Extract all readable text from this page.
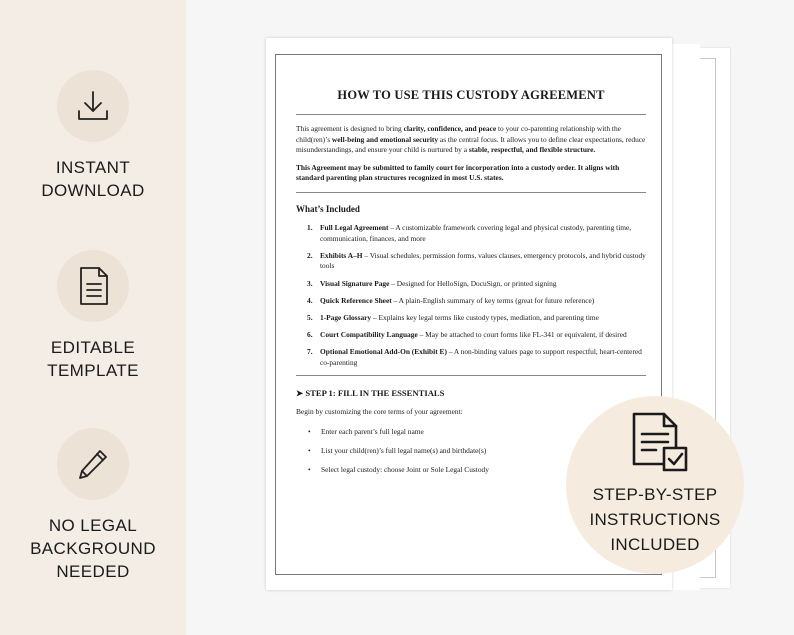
INSTANT
DOWNLOAD
EDITABLE
TEMPLATE
NO LEGAL
BACKGROUND
NEEDED
HOW TO USE THIS CUSTODY AGREEMENT

This agreement is designed to bring clarity, confidence, and peace to your co-parenting relationship with the child(ren)’s well-being and emotional security as the central focus. It allows you to define clear expectations, reduce misunderstandings, and ensure your child is nurtured by a stable, respectful, and flexible structure.

This Agreement may be submitted to family court for incorporation into a custody order. It aligns with standard parenting plan structures recognized in most U.S. states.

What’s Included
1.	Full Legal Agreement – A customizable framework covering legal and physical custody, parenting time, communication, finances, and more
2.	Exhibits A–H – Visual schedules, permission forms, values clauses, emergency protocols, and hybrid custody tools
3.	Visual Signature Page – Designed for HelloSign, DocuSign, or printed signing
4.	Quick Reference Sheet – A plain-English summary of key terms (great for future reference)
5.	1-Page Glossary – Explains key legal terms like custody types, mediation, and parenting time
6.	Court Compatibility Language – May be attached to court forms like FL-341 or equivalent, if desired
7.	Optional Emotional Add-On (Exhibit E) – A non-binding values page to support respectful, heart-centered co-parenting
➤ STEP 1: FILL IN THE ESSENTIALS

Begin by customizing the core terms of your agreement:

•	Enter each parent’s full legal name
•	List your child(ren)’s full legal name(s) and birthdate(s)
•	Select legal custody: choose Joint or Sole Legal Custody
STEP-BY-STEP
INSTRUCTIONS
INCLUDED
